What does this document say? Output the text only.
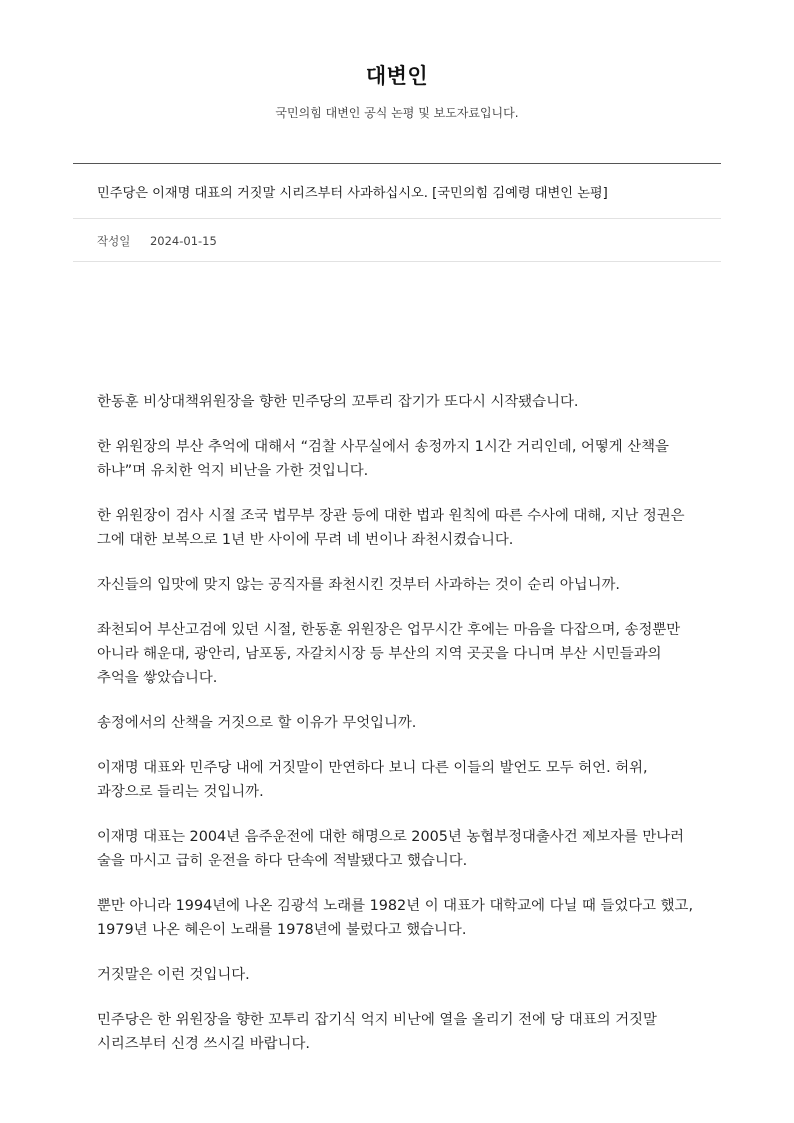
대변인
국민의힘 대변인 공식 논평 및 보도자료입니다.
민주당은 이재명 대표의 거짓말 시리즈부터 사과하십시오. [국민의힘 김예령 대변인 논평]
작성일 2024-01-15

한동훈 비상대책위원장을 향한 민주당의 꼬투리 잡기가 또다시 시작됐습니다.

한 위원장의 부산 추억에 대해서 “검찰 사무실에서 송정까지 1시간 거리인데, 어떻게 산책을 하냐”며 유치한 억지 비난을 가한 것입니다.

한 위원장이 검사 시절 조국 법무부 장관 등에 대한 법과 원칙에 따른 수사에 대해, 지난 정권은 그에 대한 보복으로 1년 반 사이에 무려 네 번이나 좌천시켰습니다.

자신들의 입맛에 맞지 않는 공직자를 좌천시킨 것부터 사과하는 것이 순리 아닙니까.

좌천되어 부산고검에 있던 시절, 한동훈 위원장은 업무시간 후에는 마음을 다잡으며, 송정뿐만 아니라 해운대, 광안리, 남포동, 자갈치시장 등 부산의 지역 곳곳을 다니며 부산 시민들과의 추억을 쌓았습니다.

송정에서의 산책을 거짓으로 할 이유가 무엇입니까.

이재명 대표와 민주당 내에 거짓말이 만연하다 보니 다른 이들의 발언도 모두 허언. 허위, 과장으로 들리는 것입니까.

이재명 대표는 2004년 음주운전에 대한 해명으로 2005년 농협부정대출사건 제보자를 만나러 술을 마시고 급히 운전을 하다 단속에 적발됐다고 했습니다.

뿐만 아니라 1994년에 나온 김광석 노래를 1982년 이 대표가 대학교에 다닐 때 들었다고 했고, 1979년 나온 혜은이 노래를 1978년에 불렀다고 했습니다.

거짓말은 이런 것입니다.

민주당은 한 위원장을 향한 꼬투리 잡기식 억지 비난에 열을 올리기 전에 당 대표의 거짓말 시리즈부터 신경 쓰시길 바랍니다.
